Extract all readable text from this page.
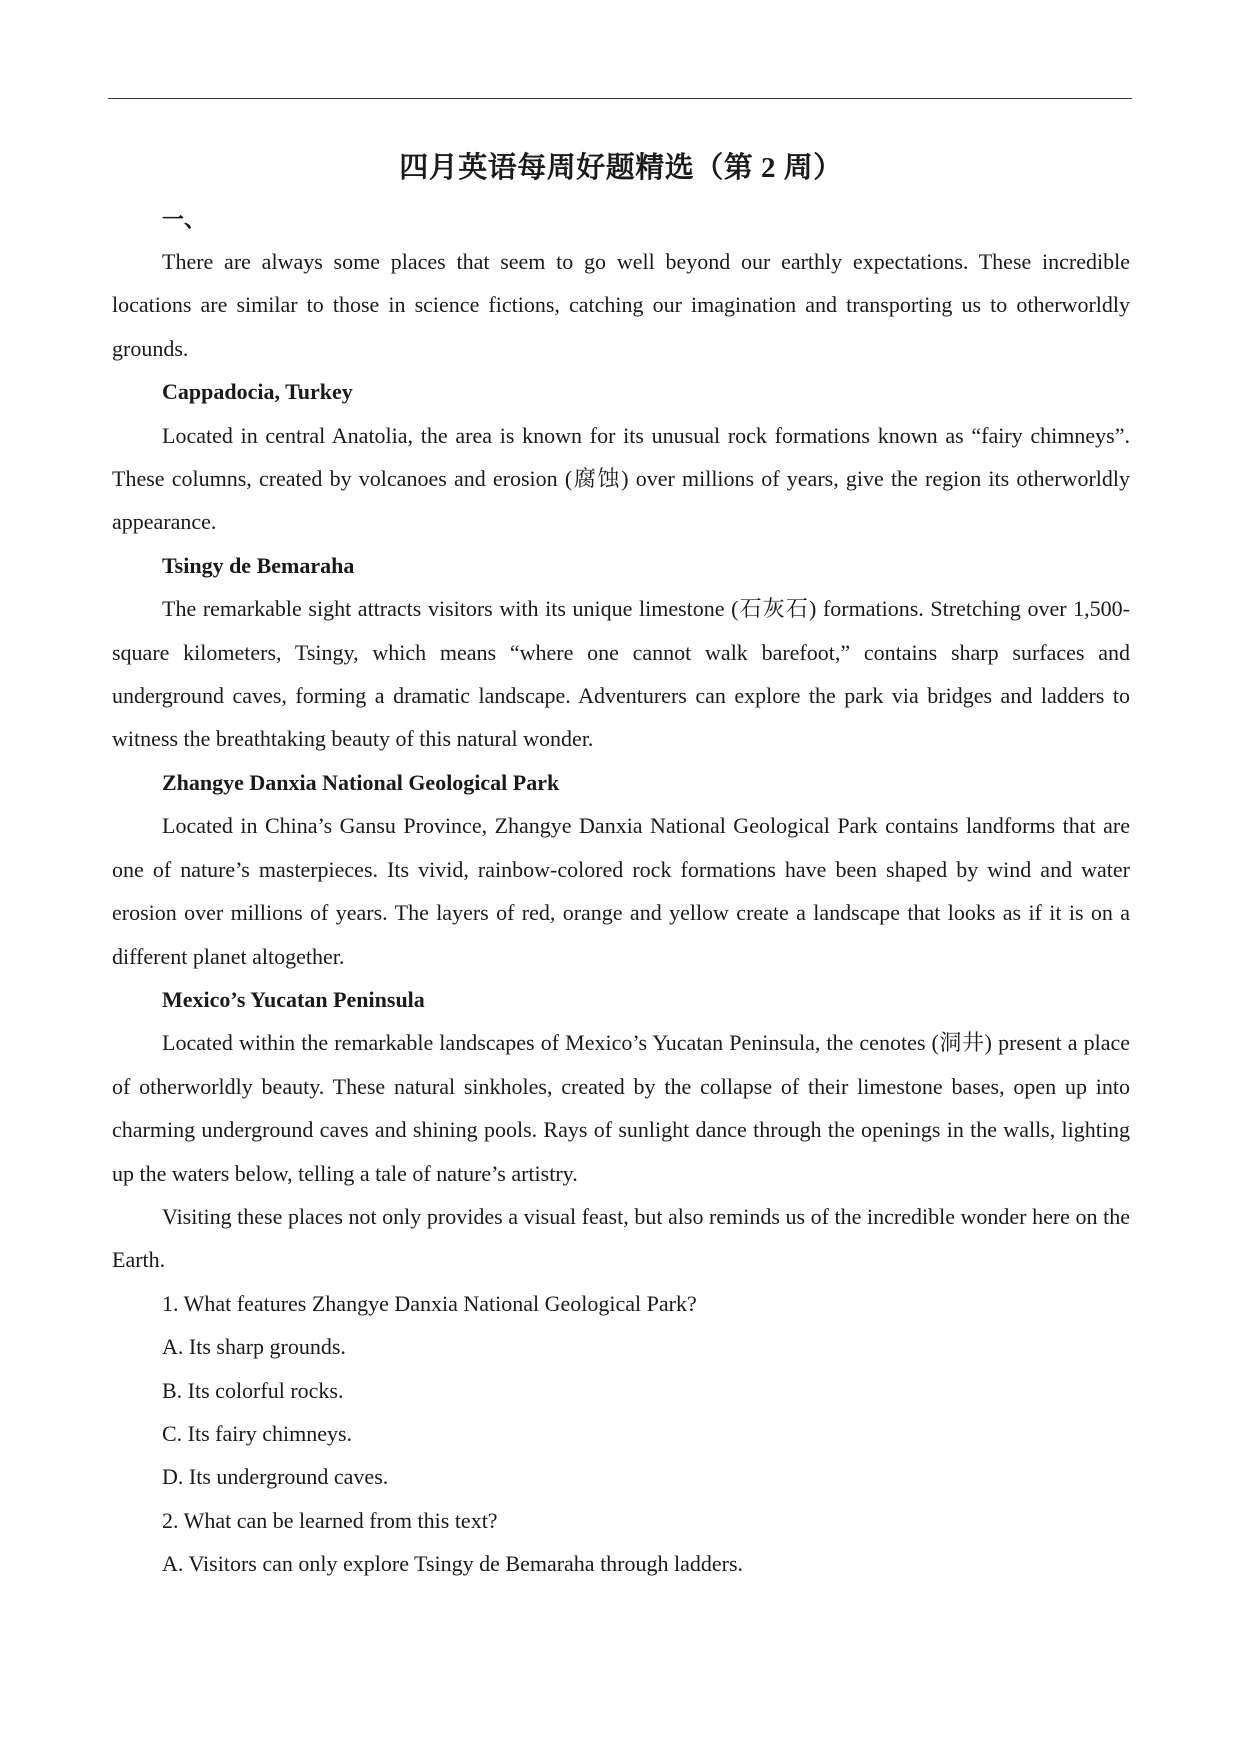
四月英语每周好题精选（第 2 周）
一、

There are always some places that seem to go well beyond our earthly expectations. These incredible locations are similar to those in science fictions, catching our imagination and transporting us to otherworldly grounds.

Cappadocia, Turkey

Located in central Anatolia, the area is known for its unusual rock formations known as “fairy chimneys”. These columns, created by volcanoes and erosion (腐蚀) over millions of years, give the region its otherworldly appearance.

Tsingy de Bemaraha

The remarkable sight attracts visitors with its unique limestone (石灰石) formations. Stretching over 1,500-square kilometers, Tsingy, which means “where one cannot walk barefoot,” contains sharp surfaces and underground caves, forming a dramatic landscape. Adventurers can explore the park via bridges and ladders to witness the breathtaking beauty of this natural wonder.

Zhangye Danxia National Geological Park

Located in China’s Gansu Province, Zhangye Danxia National Geological Park contains landforms that are one of nature’s masterpieces. Its vivid, rainbow-colored rock formations have been shaped by wind and water erosion over millions of years. The layers of red, orange and yellow create a landscape that looks as if it is on a different planet altogether.

Mexico’s Yucatan Peninsula

Located within the remarkable landscapes of Mexico’s Yucatan Peninsula, the cenotes (洞井) present a place of otherworldly beauty. These natural sinkholes, created by the collapse of their limestone bases, open up into charming underground caves and shining pools. Rays of sunlight dance through the openings in the walls, lighting up the waters below, telling a tale of nature’s artistry.

Visiting these places not only provides a visual feast, but also reminds us of the incredible wonder here on the Earth.

1. What features Zhangye Danxia National Geological Park?

A. Its sharp grounds.

B. Its colorful rocks.

C. Its fairy chimneys.

D. Its underground caves.

2. What can be learned from this text?

A. Visitors can only explore Tsingy de Bemaraha through ladders.
